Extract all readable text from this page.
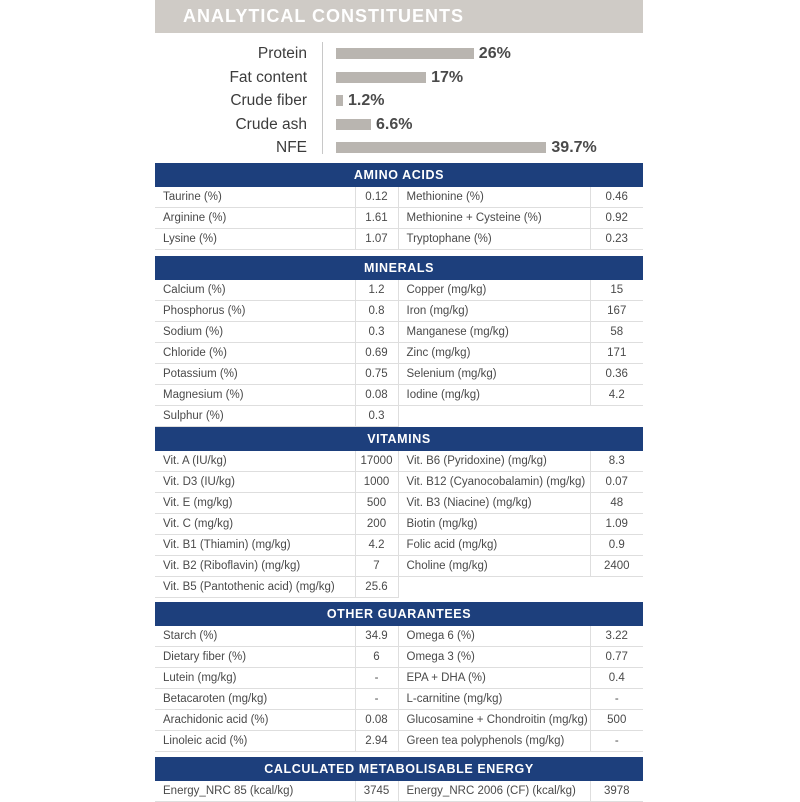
ANALYTICAL CONSTITUENTS
Protein	26%
Fat content	17%
Crude fiber	1.2%
Crude ash	6.6%
NFE	39.7%
AMINO ACIDS
Taurine (%)	0.12	Methionine (%)	0.46
Arginine (%)	1.61	Methionine + Cysteine (%)	0.92
Lysine (%)	1.07	Tryptophane (%)	0.23
MINERALS
Calcium (%)	1.2	Copper (mg/kg)	15
Phosphorus (%)	0.8	Iron (mg/kg)	167
Sodium (%)	0.3	Manganese (mg/kg)	58
Chloride (%)	0.69	Zinc (mg/kg)	171
Potassium (%)	0.75	Selenium (mg/kg)	0.36
Magnesium (%)	0.08	Iodine (mg/kg)	4.2
Sulphur (%)	0.3		
VITAMINS
Vit. A (IU/kg)	17000	Vit. B6 (Pyridoxine) (mg/kg)	8.3
Vit. D3 (IU/kg)	1000	Vit. B12 (Cyanocobalamin) (mg/kg)	0.07
Vit. E (mg/kg)	500	Vit. B3 (Niacine) (mg/kg)	48
Vit. C (mg/kg)	200	Biotin (mg/kg)	1.09
Vit. B1 (Thiamin) (mg/kg)	4.2	Folic acid (mg/kg)	0.9
Vit. B2 (Riboflavin) (mg/kg)	7	Choline (mg/kg)	2400
Vit. B5 (Pantothenic acid) (mg/kg)	25.6		
OTHER GUARANTEES
Starch (%)	34.9	Omega 6 (%)	3.22
Dietary fiber (%)	6	Omega 3 (%)	0.77
Lutein (mg/kg)	-	EPA + DHA (%)	0.4
Betacaroten (mg/kg)	-	L-carnitine (mg/kg)	-
Arachidonic acid (%)	0.08	Glucosamine + Chondroitin (mg/kg)	500
Linoleic acid (%)	2.94	Green tea polyphenols (mg/kg)	-
CALCULATED METABOLISABLE ENERGY
Energy_NRC 85 (kcal/kg)	3745	Energy_NRC 2006 (CF) (kcal/kg)	3978
